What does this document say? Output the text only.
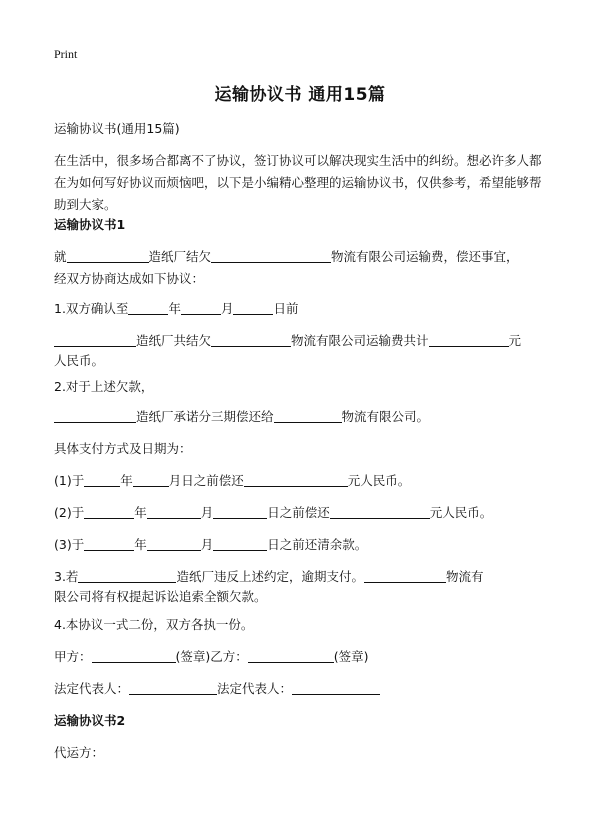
Print
运输协议书 通用15篇
运输协议书(通用15篇)
在生活中，很多场合都离不了协议，签订协议可以解决现实生活中的纠纷。想必许多人都在为如何写好协议而烦恼吧，以下是小编精心整理的运输协议书，仅供参考，希望能够帮助到大家。
运输协议书1
就	造纸厂结欠	物流有限公司运输费，偿还事宜，
经双方协商达成如下协议：
1.双方确认至	年	月	日前
造纸厂共结欠	物流有限公司运输费共计	元
人民币。
2.对于上述欠款，
造纸厂承诺分三期偿还给	物流有限公司。
具体支付方式及日期为：
(1)于	年	月日之前偿还	元人民币。
(2)于	年	月	日之前偿还	元人民币。
(3)于	年	月	日之前还清余款。
3.若	造纸厂违反上述约定，逾期支付。	物流有
限公司将有权提起诉讼追索全额欠款。
4.本协议一式二份，双方各执一份。
甲方：	(签章)乙方：	(签章)
法定代表人：	法定代表人：
运输协议书2
代运方：
